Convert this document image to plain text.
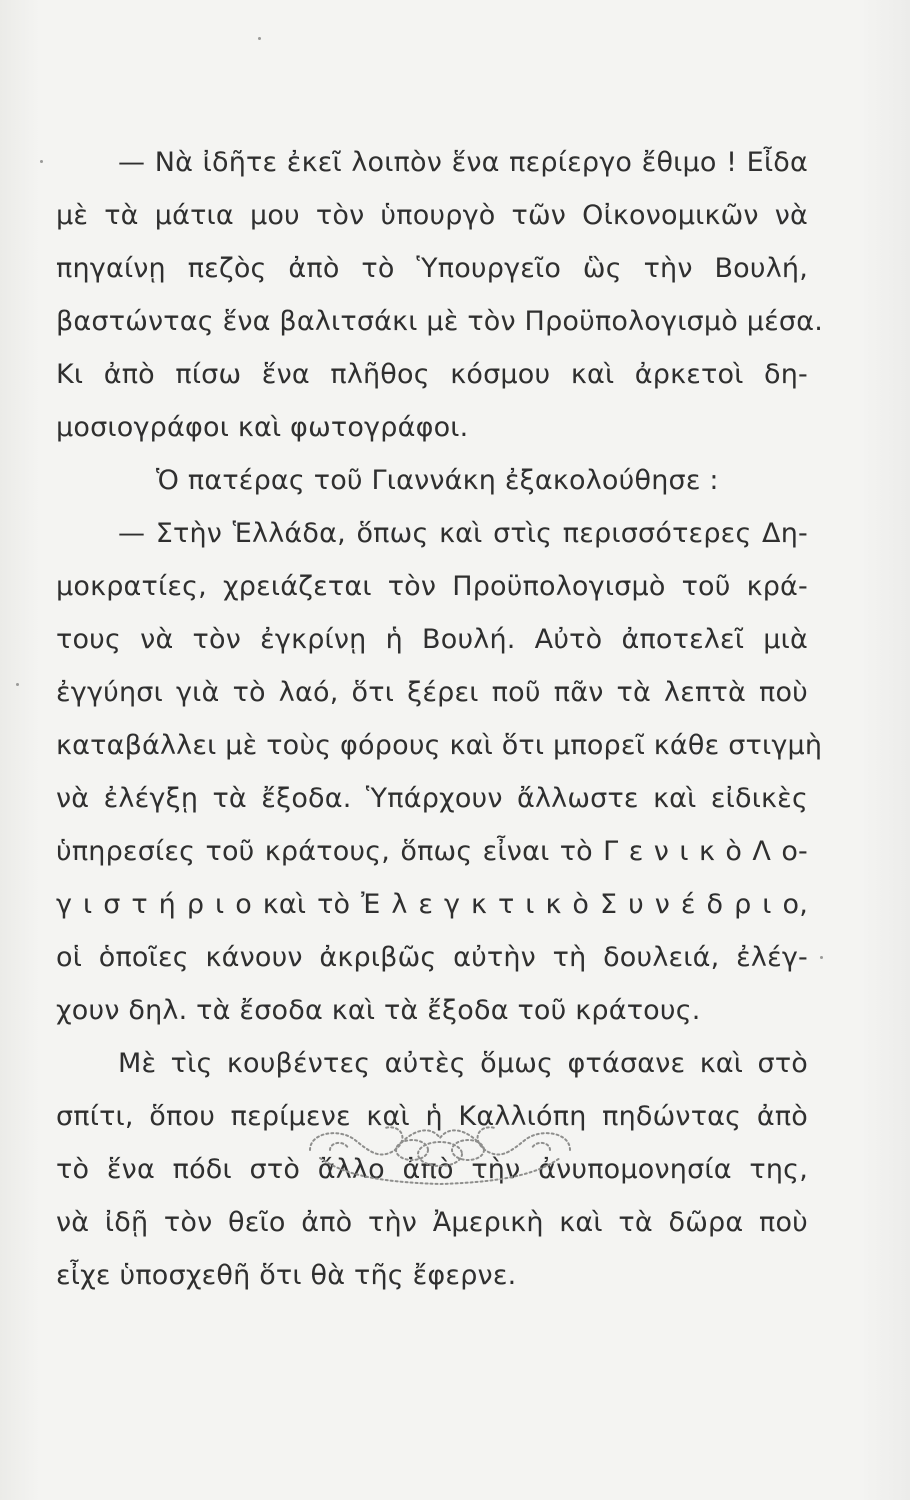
— Νὰ ἰδῆτε ἐκεῖ λοιπὸν ἕνα περίεργο ἔθιμο ! Εἶδα
μὲ τὰ μάτια μου τὸν ὑπουργὸ τῶν Οἰκονομικῶν νὰ
πηγαίνῃ πεζὸς ἀπὸ τὸ Ὑπουργεῖο ὣς τὴν Βουλή,
βαστώντας ἕνα βαλιτσάκι μὲ τὸν Προϋπολογισμὸ μέσα.
Κι ἀπὸ πίσω ἕνα πλῆθος κόσμου καὶ ἀρκετοὶ δη-
μοσιογράφοι καὶ φωτογράφοι.
Ὁ πατέρας τοῦ Γιαννάκη ἐξακολούθησε :
— Στὴν Ἑλλάδα, ὅπως καὶ στὶς περισσότερες Δη-
μοκρατίες, χρειάζεται τὸν Προϋπολογισμὸ τοῦ κρά-
τους νὰ τὸν ἐγκρίνῃ ἡ Βουλή. Αὐτὸ ἀποτελεῖ μιὰ
ἐγγύησι γιὰ τὸ λαό, ὅτι ξέρει ποῦ πᾶν τὰ λεπτὰ ποὺ
καταβάλλει μὲ τοὺς φόρους καὶ ὅτι μπορεῖ κάθε στιγμὴ
νὰ ἐλέγξῃ τὰ ἔξοδα. Ὑπάρχουν ἄλλωστε καὶ εἰδικὲς
ὑπηρεσίες τοῦ κράτους, ὅπως εἶναι τὸ Γ ε ν ι κ ὸ Λ ο-
γ ι σ τ ή ρ ι ο καὶ τὸ Ἐ λ ε γ κ τ ι κ ὸ Σ υ ν έ δ ρ ι ο,
οἱ ὁποῖες κάνουν ἀκριβῶς αὐτὴν τὴ δουλειά, ἐλέγ-
χουν δηλ. τὰ ἔσοδα καὶ τὰ ἔξοδα τοῦ κράτους.
Μὲ τὶς κουβέντες αὐτὲς ὅμως φτάσανε καὶ στὸ
σπίτι, ὅπου περίμενε καὶ ἡ Καλλιόπη πηδώντας ἀπὸ
τὸ ἕνα πόδι στὸ ἄλλο ἀπὸ τὴν ἀνυπομονησία της,
νὰ ἰδῇ τὸν θεῖο ἀπὸ τὴν Ἀμερικὴ καὶ τὰ δῶρα ποὺ
εἶχε ὑποσχεθῆ ὅτι θὰ τῆς ἔφερνε.
